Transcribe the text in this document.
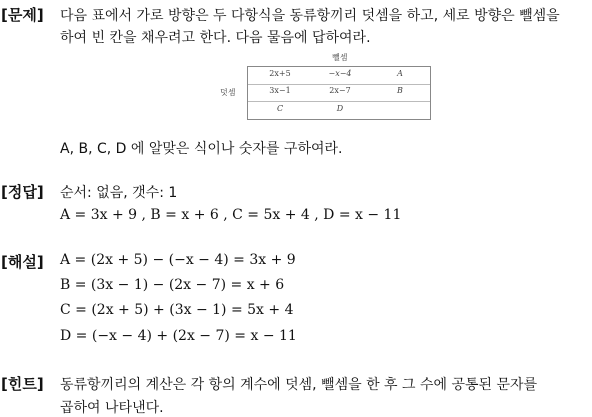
[문제] 다음 표에서 가로 방향은 두 다항식을 동류항끼리 덧셈을 하고, 세로 방향은 뺄셈을
하여 빈 칸을 채우려고 한다. 다음 물음에 답하여라.
뺄셈
덧셈
2x+5	−x−4	A
3x−1	2x−7	B
C	D
A, B, C, D 에 알맞은 식이나 숫자를 구하여라.
[정답] 순서: 없음, 갯수: 1
A = 3x + 9 , B = x + 6 , C = 5x + 4 , D = x − 11
[해설] A = (2x + 5) − (−x − 4) = 3x + 9
B = (3x − 1) − (2x − 7) = x + 6
C = (2x + 5) + (3x − 1) = 5x + 4
D = (−x − 4) + (2x − 7) = x − 11
[힌트] 동류항끼리의 계산은 각 항의 계수에 덧셈, 뺄셈을 한 후 그 수에 공통된 문자를
곱하여 나타낸다.
